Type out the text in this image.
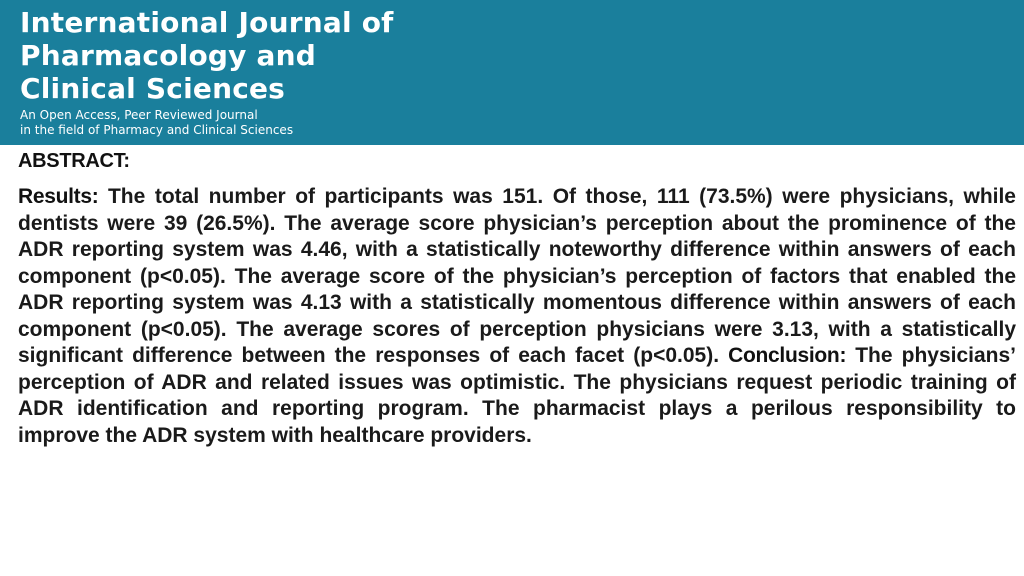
International Journal of
Pharmacology and
Clinical Sciences
An Open Access, Peer Reviewed Journal
in the field of Pharmacy and Clinical Sciences
ABSTRACT:

Results: The total number of participants was 151. Of those, 111 (73.5%) were physicians, while dentists were 39 (26.5%). The average score physician’s perception about the prominence of the ADR reporting system was 4.46, with a statistically noteworthy difference within answers of each component (p<0.05). The average score of the physician’s perception of factors that enabled the ADR reporting system was 4.13 with a statistically momentous difference within answers of each component (p<0.05). The average scores of perception physicians were 3.13, with a statistically significant difference between the responses of each facet (p<0.05). Conclusion: The physicians’ perception of ADR and related issues was optimistic. The physicians request periodic training of ADR identification and reporting program. The pharmacist plays a perilous responsibility to improve the ADR system with healthcare providers.
